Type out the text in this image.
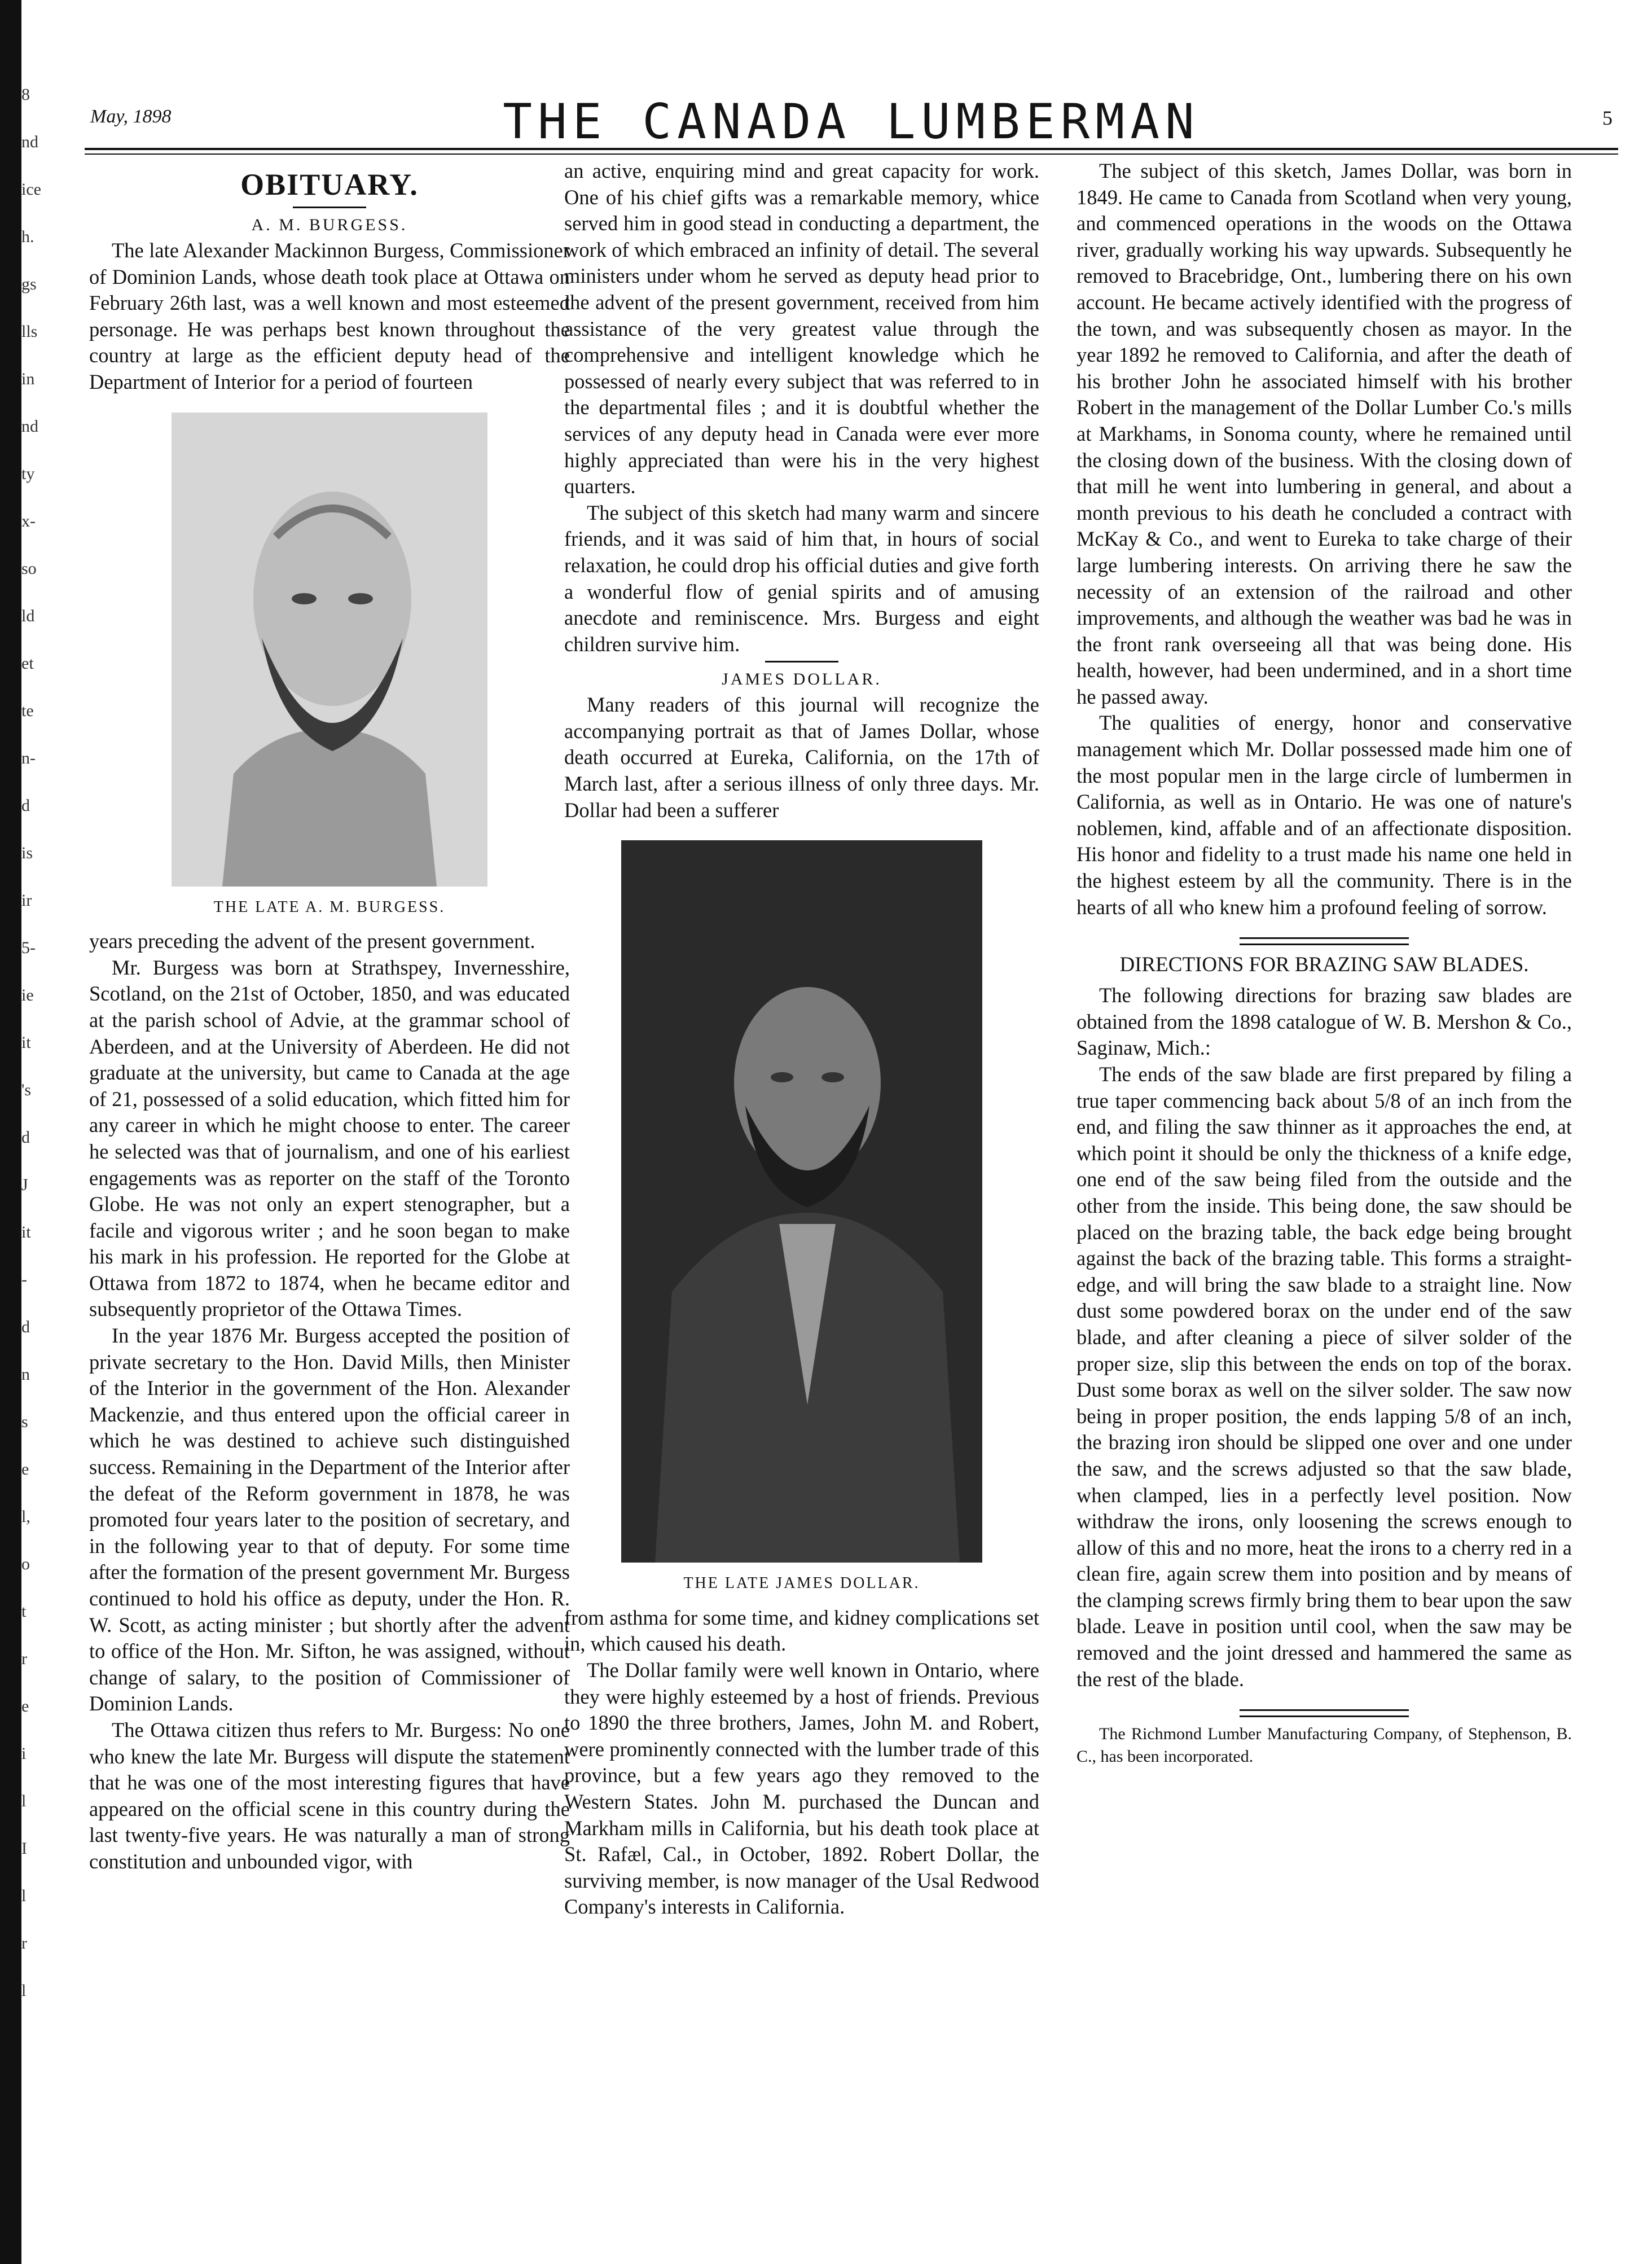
8
nd
ice
h.
gs
lls
in
nd
ty
x-
so
ld
et
te
n-
d
is
ir
5-
ie
it
's
d
J
it
-
d
n
s
e
l,
o
t
r
e
i
l
I
l
r
l
May, 1898	THE CANADA LUMBERMAN	5
OBITUARY.
A. M. BURGESS.

The late Alexander Mackinnon Burgess, Commissioner of Dominion Lands, whose death took place at Ottawa on February 26th last, was a well known and most esteemed personage. He was perhaps best known throughout the country at large as the efficient deputy head of the Department of Interior for a period of fourteen

THE LATE A. M. BURGESS.

years preceding the advent of the present government.

Mr. Burgess was born at Strathspey, Invernesshire, Scotland, on the 21st of October, 1850, and was educated at the parish school of Advie, at the grammar school of Aberdeen, and at the University of Aberdeen. He did not graduate at the university, but came to Canada at the age of 21, possessed of a solid education, which fitted him for any career in which he might choose to enter. The career he selected was that of journalism, and one of his earliest engagements was as reporter on the staff of the Toronto Globe. He was not only an expert stenographer, but a facile and vigorous writer ; and he soon began to make his mark in his profession. He reported for the Globe at Ottawa from 1872 to 1874, when he became editor and subsequently proprietor of the Ottawa Times.

In the year 1876 Mr. Burgess accepted the position of private secretary to the Hon. David Mills, then Minister of the Interior in the government of the Hon. Alexander Mackenzie, and thus entered upon the official career in which he was destined to achieve such distinguished success. Remaining in the Department of the Interior after the defeat of the Reform government in 1878, he was promoted four years later to the position of secretary, and in the following year to that of deputy. For some time after the formation of the present government Mr. Burgess continued to hold his office as deputy, under the Hon. R. W. Scott, as acting minister ; but shortly after the advent to office of the Hon. Mr. Sifton, he was assigned, without change of salary, to the position of Commissioner of Dominion Lands.

The Ottawa citizen thus refers to Mr. Burgess: No one who knew the late Mr. Burgess will dispute the statement that he was one of the most interesting figures that have appeared on the official scene in this country during the last twenty-five years. He was naturally a man of strong constitution and unbounded vigor, with

an active, enquiring mind and great capacity for work. One of his chief gifts was a remarkable memory, whice served him in good stead in conducting a department, the work of which embraced an infinity of detail. The several ministers under whom he served as deputy head prior to the advent of the present government, received from him assistance of the very greatest value through the comprehensive and intelligent knowledge which he possessed of nearly every subject that was referred to in the departmental files ; and it is doubtful whether the services of any deputy head in Canada were ever more highly appreciated than were his in the very highest quarters.

The subject of this sketch had many warm and sincere friends, and it was said of him that, in hours of social relaxation, he could drop his official duties and give forth a wonderful flow of genial spirits and of amusing anecdote and reminiscence. Mrs. Burgess and eight children survive him.

JAMES DOLLAR.

Many readers of this journal will recognize the accompanying portrait as that of James Dollar, whose death occurred at Eureka, California, on the 17th of March last, after a serious illness of only three days. Mr. Dollar had been a sufferer

THE LATE JAMES DOLLAR.

from asthma for some time, and kidney complications set in, which caused his death.

The Dollar family were well known in Ontario, where they were highly esteemed by a host of friends. Previous to 1890 the three brothers, James, John M. and Robert, were prominently connected with the lumber trade of this province, but a few years ago they removed to the Western States. John M. purchased the Duncan and Markham mills in California, but his death took place at St. Rafæl, Cal., in October, 1892. Robert Dollar, the surviving member, is now manager of the Usal Redwood Company's interests in California.

The subject of this sketch, James Dollar, was born in 1849. He came to Canada from Scotland when very young, and commenced operations in the woods on the Ottawa river, gradually working his way upwards. Subsequently he removed to Bracebridge, Ont., lumbering there on his own account. He became actively identified with the progress of the town, and was subsequently chosen as mayor. In the year 1892 he removed to California, and after the death of his brother John he associated himself with his brother Robert in the management of the Dollar Lumber Co.'s mills at Markhams, in Sonoma county, where he remained until the closing down of the business. With the closing down of that mill he went into lumbering in general, and about a month previous to his death he concluded a contract with McKay & Co., and went to Eureka to take charge of their large lumbering interests. On arriving there he saw the necessity of an extension of the railroad and other improvements, and although the weather was bad he was in the front rank overseeing all that was being done. His health, however, had been undermined, and in a short time he passed away.

The qualities of energy, honor and conservative management which Mr. Dollar possessed made him one of the most popular men in the large circle of lumbermen in California, as well as in Ontario. He was one of nature's noblemen, kind, affable and of an affectionate disposition. His honor and fidelity to a trust made his name one held in the highest esteem by all the community. There is in the hearts of all who knew him a profound feeling of sorrow.

DIRECTIONS FOR BRAZING SAW BLADES.

The following directions for brazing saw blades are obtained from the 1898 catalogue of W. B. Mershon & Co., Saginaw, Mich.:

The ends of the saw blade are first prepared by filing a true taper commencing back about 5/8 of an inch from the end, and filing the saw thinner as it approaches the end, at which point it should be only the thickness of a knife edge, one end of the saw being filed from the outside and the other from the inside. This being done, the saw should be placed on the brazing table, the back edge being brought against the back of the brazing table. This forms a straight-edge, and will bring the saw blade to a straight line. Now dust some powdered borax on the under end of the saw blade, and after cleaning a piece of silver solder of the proper size, slip this between the ends on top of the borax. Dust some borax as well on the silver solder. The saw now being in proper position, the ends lapping 5/8 of an inch, the brazing iron should be slipped one over and one under the saw, and the screws adjusted so that the saw blade, when clamped, lies in a perfectly level position. Now withdraw the irons, only loosening the screws enough to allow of this and no more, heat the irons to a cherry red in a clean fire, again screw them into position and by means of the clamping screws firmly bring them to bear upon the saw blade. Leave in position until cool, when the saw may be removed and the joint dressed and hammered the same as the rest of the blade.

The Richmond Lumber Manufacturing Company, of Stephenson, B. C., has been incorporated.
